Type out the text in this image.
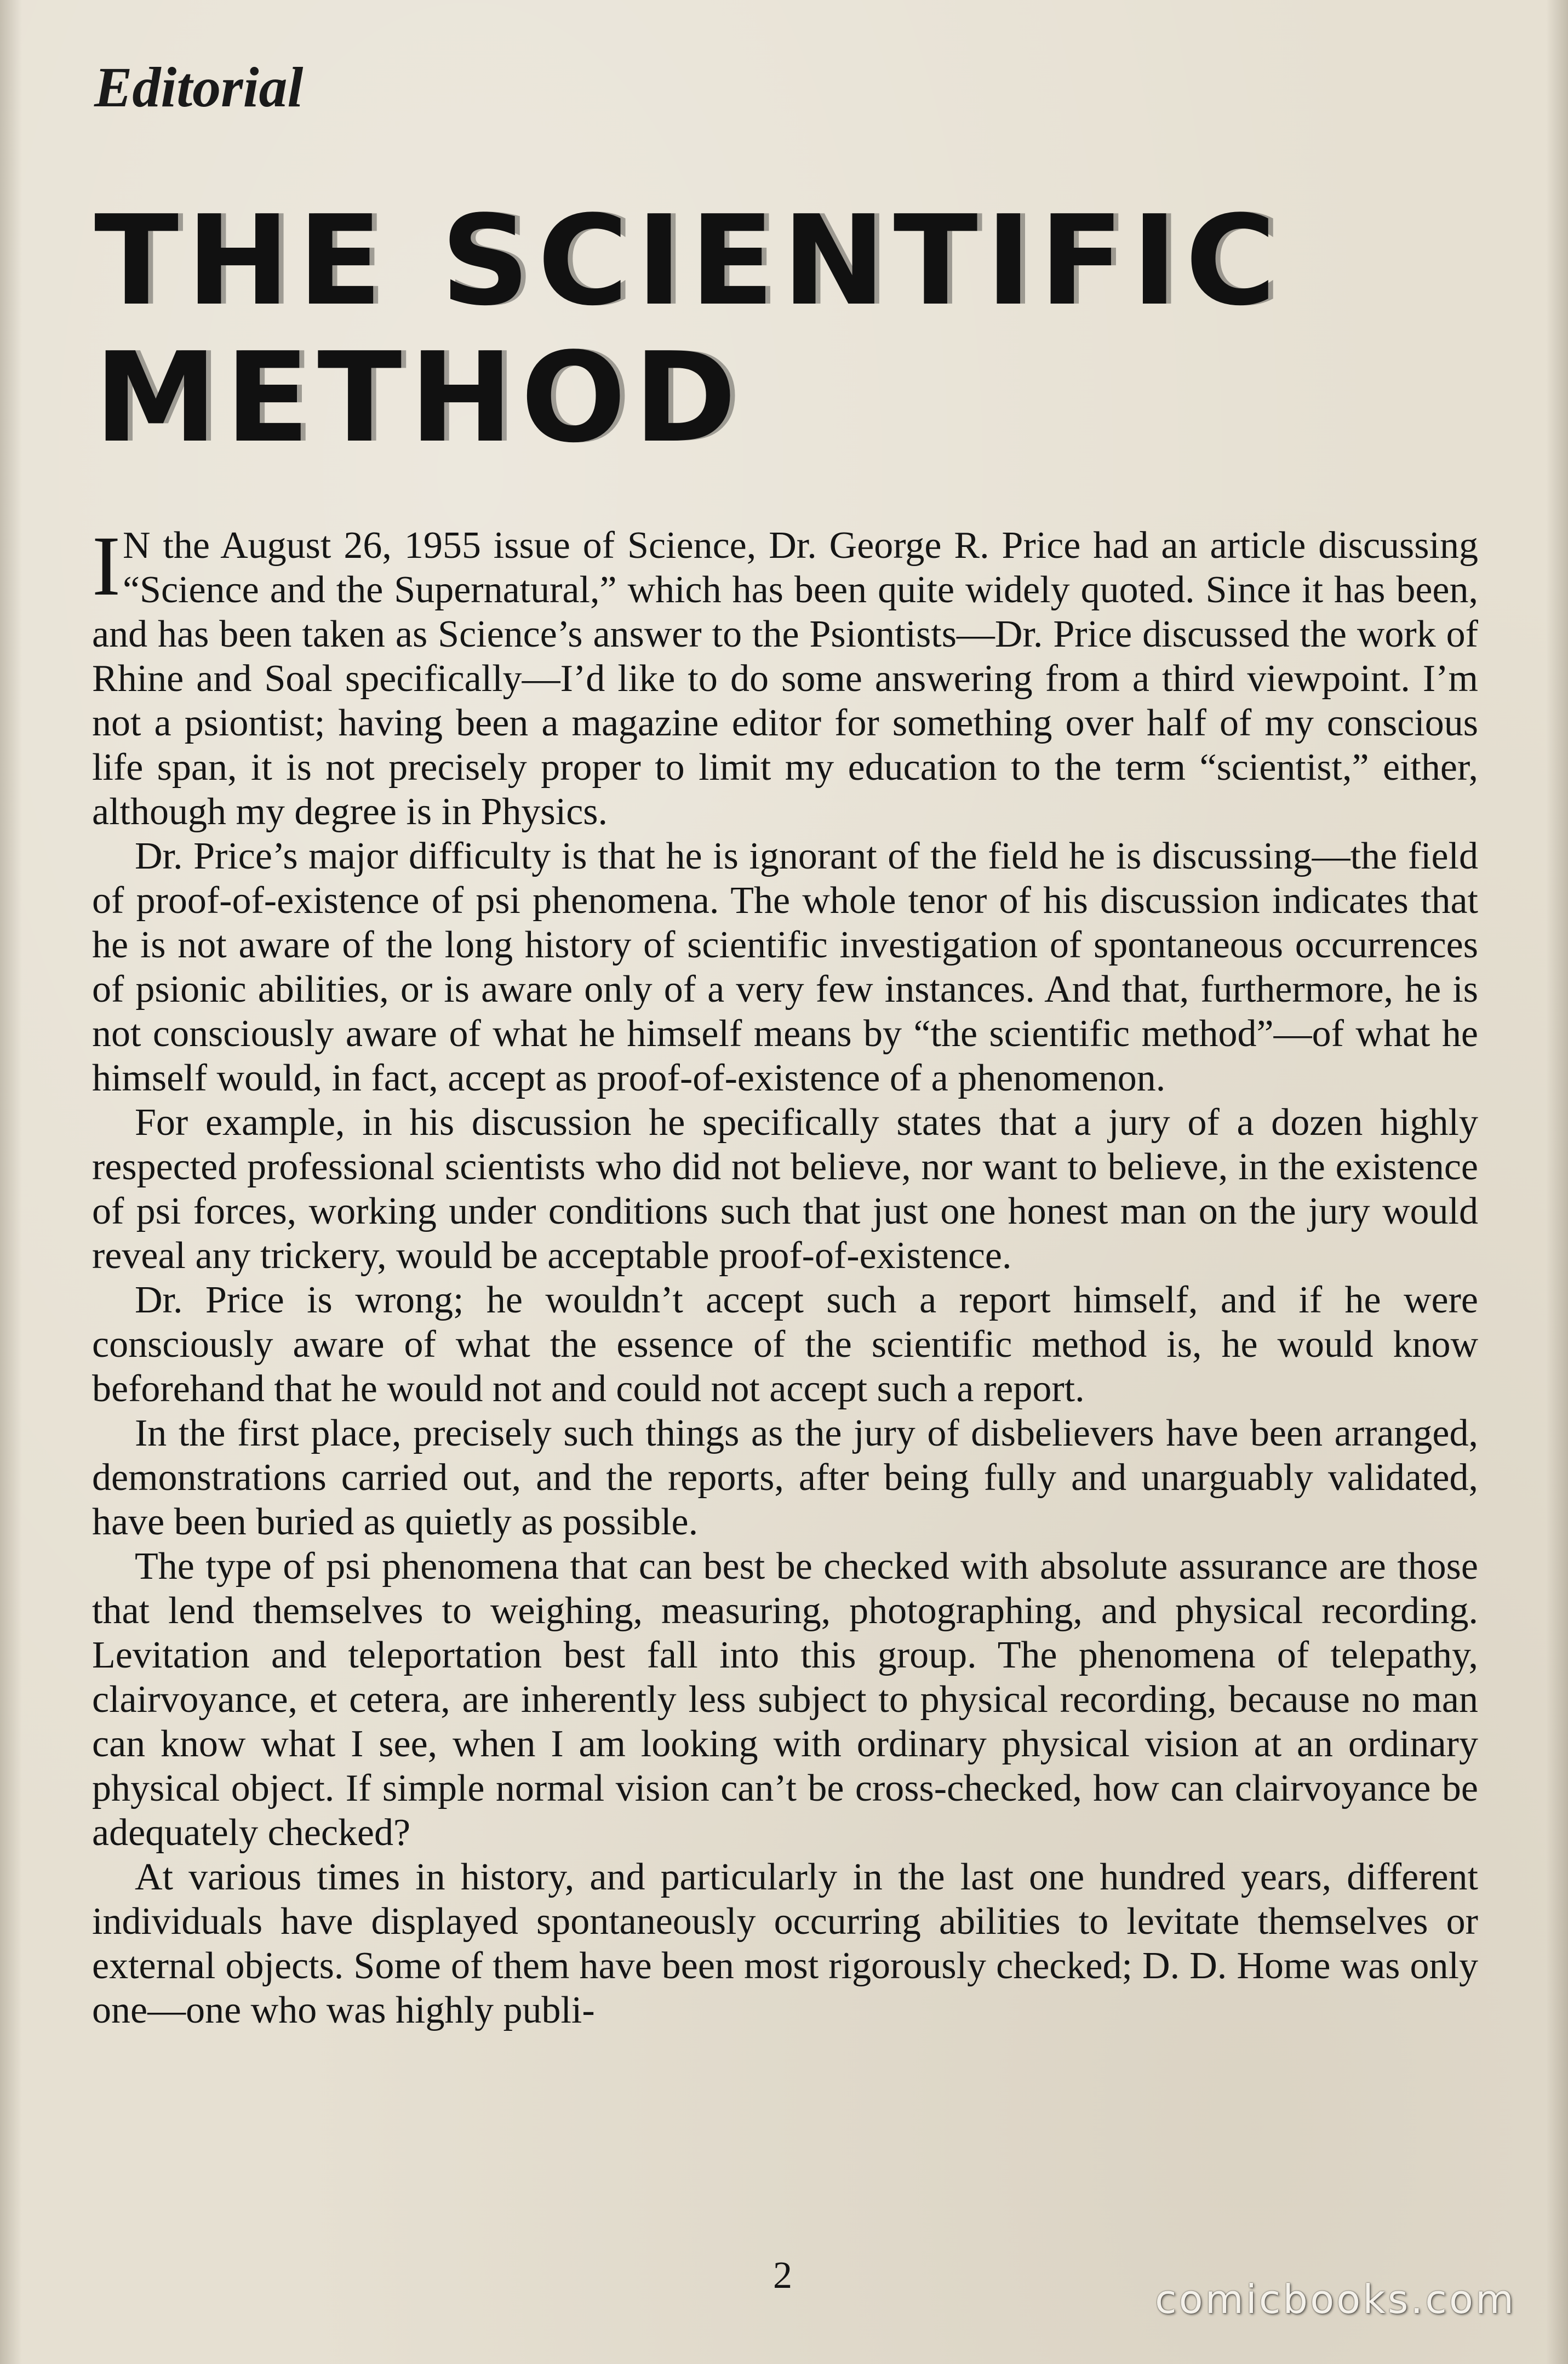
Editorial
THE SCIENTIFIC
METHOD

I N the August 26, 1955 issue of Science, Dr. George R. Price had an article discussing “Science and the Supernatural,” which has been quite widely quoted. Since it has been, and has been taken as Science’s answer to the Psiontists—Dr. Price discussed the work of Rhine and Soal specifically—I’d like to do some answering from a third viewpoint. I’m not a psiontist; having been a magazine editor for something over half of my conscious life span, it is not precisely proper to limit my education to the term “scientist,” either, although my degree is in Physics.

Dr. Price’s major difficulty is that he is ignorant of the field he is discussing—the field of proof-of-existence of psi phenomena. The whole tenor of his discussion indicates that he is not aware of the long history of scientific investigation of spontaneous occurrences of psionic abilities, or is aware only of a very few instances. And that, furthermore, he is not consciously aware of what he himself means by “the scientific method”—of what he himself would, in fact, accept as proof-of-existence of a phenomenon.

For example, in his discussion he specifically states that a jury of a dozen highly respected professional scientists who did not believe, nor want to believe, in the existence of psi forces, working under conditions such that just one honest man on the jury would reveal any trickery, would be acceptable proof-of-existence.

Dr. Price is wrong; he wouldn’t accept such a report himself, and if he were consciously aware of what the essence of the scientific method is, he would know beforehand that he would not and could not accept such a report.

In the first place, precisely such things as the jury of disbelievers have been arranged, demonstrations carried out, and the reports, after being fully and unarguably validated, have been buried as quietly as possible.

The type of psi phenomena that can best be checked with absolute assurance are those that lend themselves to weighing, measuring, photographing, and physical recording. Levitation and teleportation best fall into this group. The phenomena of telepathy, clairvoyance, et cetera, are inherently less subject to physical recording, because no man can know what I see, when I am looking with ordinary physical vision at an ordinary physical object. If simple normal vision can’t be cross-checked, how can clairvoyance be adequately checked?

At various times in history, and particularly in the last one hundred years, different individuals have displayed spontaneously occurring abilities to levitate themselves or external objects. Some of them have been most rigorously checked; D. D. Home was only one—one who was highly publi-

2
comicbooks.com
